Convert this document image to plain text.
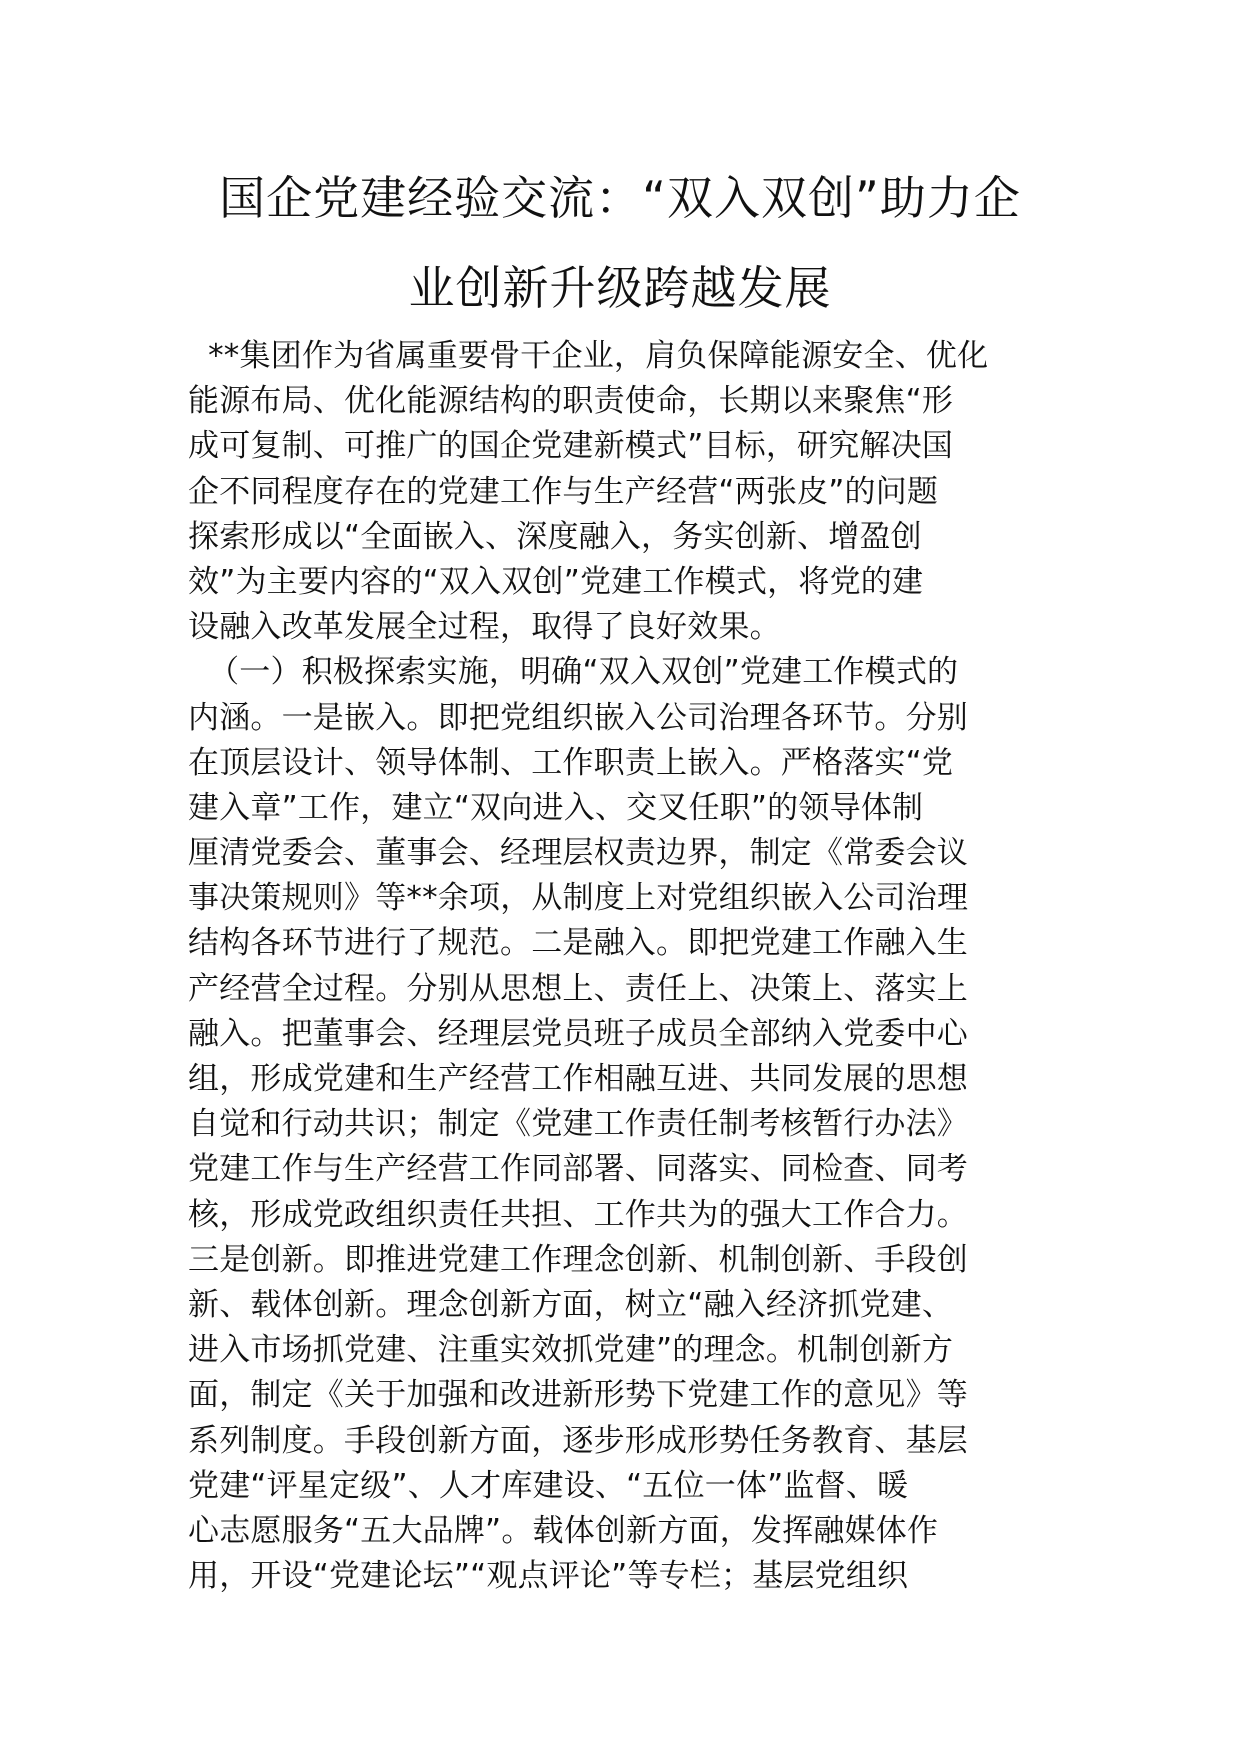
国企党建经验交流：“双入双创”助力企
业创新升级跨越发展
**集团作为省属重要骨干企业，肩负保障能源安全、优化
能源布局、优化能源结构的职责使命，长期以来聚焦“形
成可复制、可推广的国企党建新模式”目标，研究解决国
企不同程度存在的党建工作与生产经营“两张皮”的问题
探索形成以“全面嵌入、深度融入，务实创新、增盈创
效”为主要内容的“双入双创”党建工作模式，将党的建
设融入改革发展全过程，取得了良好效果。
（一）积极探索实施，明确“双入双创”党建工作模式的
内涵。一是嵌入。即把党组织嵌入公司治理各环节。分别
在顶层设计、领导体制、工作职责上嵌入。严格落实“党
建入章”工作，建立“双向进入、交叉任职”的领导体制
厘清党委会、董事会、经理层权责边界，制定《常委会议
事决策规则》等**余项，从制度上对党组织嵌入公司治理
结构各环节进行了规范。二是融入。即把党建工作融入生
产经营全过程。分别从思想上、责任上、决策上、落实上
融入。把董事会、经理层党员班子成员全部纳入党委中心
组，形成党建和生产经营工作相融互进、共同发展的思想
自觉和行动共识；制定《党建工作责任制考核暂行办法》
党建工作与生产经营工作同部署、同落实、同检查、同考
核，形成党政组织责任共担、工作共为的强大工作合力。
三是创新。即推进党建工作理念创新、机制创新、手段创
新、载体创新。理念创新方面，树立“融入经济抓党建、
进入市场抓党建、注重实效抓党建”的理念。机制创新方
面，制定《关于加强和改进新形势下党建工作的意见》等
系列制度。手段创新方面，逐步形成形势任务教育、基层
党建“评星定级”、人才库建设、“五位一体”监督、暖
心志愿服务“五大品牌”。载体创新方面，发挥融媒体作
用，开设“党建论坛”“观点评论”等专栏；基层党组织
